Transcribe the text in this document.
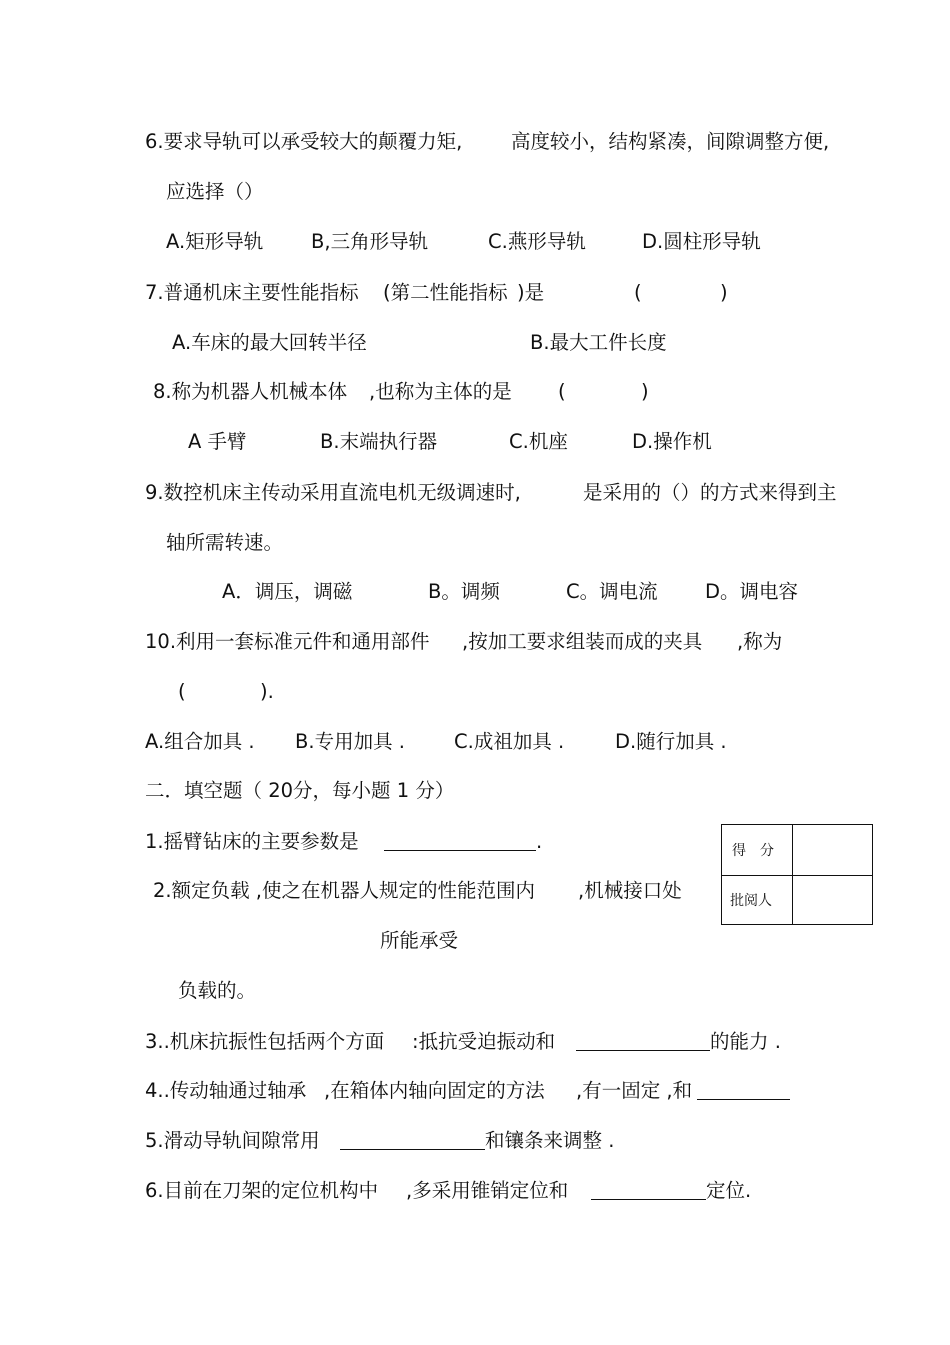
6.要求导轨可以承受较大的颠覆力矩, 高度较小，结构紧凑，间隙调整方便,
应选择（）
A.矩形导轨 B,三角形导轨	C.燕形导轨	D.圆柱形导轨
7.普通机床主要性能指标 (第二性能指标 )是	(	)
A.车床的最大回转半径	B.最大工件长度
8.称为机器人机械本体 ,也称为主体的是 (	)
A 手臂	B.末端执行器	C.机座	D.操作机
9.数控机床主传动采用直流电机无级调速时,	是采用的（）的方式来得到主
轴所需转速。
A．调压，调磁	B。调频	C。调电流 D。调电容
10.利用一套标准元件和通用部件 ,按加工要求组装而成的夹具 ,称为
(	).
A.组合加具 . B.专用加具 .	C.成祖加具 .	D.随行加具 .
二．填空题（ 20分，每小题 1 分）
得　分
批阅人
1.摇臂钻床的主要参数是	.
2.额定负载 ,使之在机器人规定的性能范围内 ,机械接口处
所能承受
负载的。
3..机床抗振性包括两个方面 :抵抗受迫振动和	的能力 .
4..传动轴通过轴承 ,在箱体内轴向固定的方法 ,有一固定 ,和
5.滑动导轨间隙常用	和镶条来调整 .
6.目前在刀架的定位机构中 ,多采用锥销定位和	定位.
